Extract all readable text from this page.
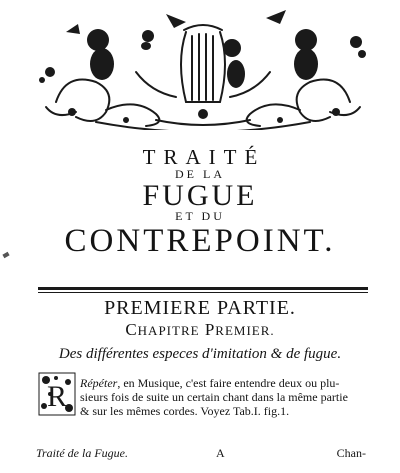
TRAITÉ
DE LA
FUGUE
ET DU
CONTREPOINT.
PREMIERE PARTIE.
CHAPITRE PREMIER.
Des différentes especes d'imitation & de fugue.
R Répéter, en Musique, c'est faire entendre deux ou plu-
sieurs fois de suite un certain chant dans la même partie
& sur les mêmes cordes. Voyez Tab.I. fig.1.
Traité de la Fugue.	A	Chan-
